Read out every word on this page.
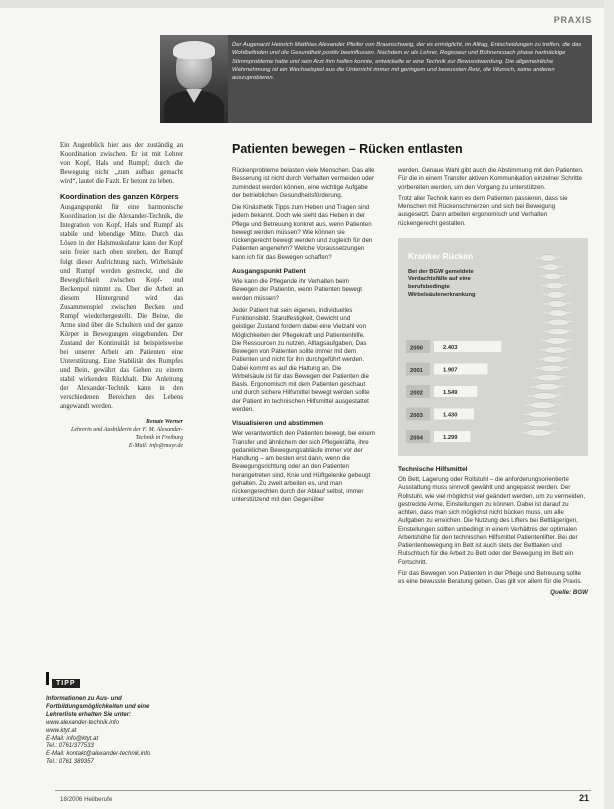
PRAXIS
Der Augenarzt Heinrich Matthias Alexander Pfeifer von Braunschweig, der es ermöglicht, im Alltag, Entscheidungen zu treffen, die das Wohlbefinden und die Gesundheit positiv beeinflussen. Nachdem er als Lehrer, Regisseur und Bühnencoach phase hartnäckige Stimmprobleme hatte und sein Arzt ihm helfen konnte, entwickelte er eine Technik zur Bewusstwerdung. Die allgemeinliche Wahrnehmung ist ein Wechselspiel aus die Unterricht immer mit geringem und bewussten Reiz, die Wunsch, seine anderen auszuprobieren.

Ein Augenblick hier aus der zuständig an Koordination zwischen. Er ist mit Lehrer von Kopf, Hals und Rumpf; durch die Bewegung nicht „zum aufbau gemacht wird“, lautet die Fazit. Er betont zu leben.

Koordination des ganzen Körpers

Ausgangspunkt für eine harmonische Koordination ist die Alexander-Technik, die Integration von Kopf, Hals und Rumpf als stabile und lebendige Mitte. Durch das Lösen in der Halsmuskulatur kann der Kopf sein freier nach oben streben, der Rumpf folgt dieser Aufrichtung nach. Wirbelsäule und Rumpf werden gestreckt, und die Beweglichkeit zwischen Kopf- und Beckenpol nimmt zu. Über die Arbeit an diesem Hintergrund wird das Zusammenspiel zwischen Becken und Rumpf wiederhergestellt. Die Beine, die Arme sind über die Schultern und der ganze Körper in Bewegungen eingebunden. Der Zustand der Kontinuität ist beispielsweise bei unserer Arbeit am Patienten eine Unterstützung. Eine Stabilität des Rumpfes und Bein, gewährt das Gehen zu einem stabil wirkenden Rückhalt. Die Anleitung der Alexander-Technik kann in den verschiedenen Bereichen des Lebens angewandt werden.

Renate Werner
Lehrerin und Ausbilderin der F. M. Alexander-Technik in Freiburg
E-Mail: info@mayr.de
TIPP
Informationen zu Aus- und Fortbildungsmöglichkeiten und eine Lehrerliste erhalten Sie unter:
www.alexander-technik.info
www.ktyt.at
E-Mail: info@ktyt.at
Tel.: 0761/377533
E-Mail: kontakt@alexander-technik.info
Tel.: 0761 389357
Patienten bewegen – Rücken entlasten

Rückenprobleme belasten viele Menschen. Das alle Besserung ist nicht durch Verhalten vermeiden oder zumindest werden können, eine wichtige Aufgabe der betrieblichen Gesundheitsförderung.

Die Kinästhetik Tipps zum Heben und Tragen sind jedem bekannt. Doch wie sieht das Heben in der Pflege und Betreuung konkret aus, wenn Patienten bewegt werden müssen? Wie können sie rückengerecht bewegt werden und zugleich für den Patienten angenehm? Welche Voraussetzungen kann ich für das Bewegen schaffen?

Ausgangspunkt Patient

Wie kann die Pflegende ihr Verhalten beim Bewegen der Patientin, wenn Patienten bewegt werden müssen?

Jeder Patient hat sein eigenes, individuelles Funktionsbild. Standfestigkeit, Gewicht und geistiger Zustand fordern dabei eine Vielzahl von Möglichkeiten der Pflegekraft und Patientenhilfe. Die Ressourcen zu nutzen, Alltagsaufgaben, Das Bewegen von Patienten sollte immer mit dem Patienten und nicht für ihn durchgeführt werden. Dabei kommt es auf die Haltung an. Die Wirbelsäule ist für das Bewegen der Patienten die Basis. Ergonomisch mit dem Patienten geschaut und durch sichere Hilfsmittel bewegt werden sollte der Patient im technischen Hilfsmittel ausgestattet werden.

Visualisieren und abstimmen

Wer verantwortlich den Patienten bewegt, bei einem Transfer und ähnlichem der sich Pflegekräfte, ihre gedanklichen Bewegungsabläufe immer vor der Handlung – am besten erst dann, wenn die Bewegungsrichtung oder an den Patienten herangetreten sind, Knie und Hüftgelenke gebeugt gehalten. Zu zweit arbeiten es, und man rückengerechten durch der Ablauf selbst, immer unterstützend mit den Gegenüber

werden. Genaue Wahl gibt auch die Abstimmung mit den Patienten. Für die in einem Transfer aktiven Kommunikation einzelner Schritte vorbereiten werden, um den Vorgang zu unterstützen.

Trotz aller Technik kann es dem Patienten passieren, dass sie Menschen mit Rückenschmerzen und sich bei Bewegung ausgesetzt. Dann arbeiten ergonomisch und Verhalten rückengerecht gestalten.

2000	2.403
2001	1.907
2002	1.549
2003	1.430
2004	1.299
Kranker Rücken
Bei der BGW gemeldete Verdachtsfälle auf eine berufsbedingte Wirbelsäulenerkrankung
Technische Hilfsmittel

Ob Bett, Lagerung oder Rollstuhl – die anforderungsorientierte Ausstattung muss sinnvoll gewählt und angepasst werden. Der Rollstuhl, wie viel möglichst viel geändert werden, um zu vermeiden, gestreckte Arme, Einstellungen zu können. Dabei ist darauf zu achten, dass man sich möglichst nicht bücken muss, um alle Aufgaben zu erreichen. Die Nutzung des Lifters bei Bettlägerigen, Einstellungen sollten unbedingt in einem Verhältnis der optimalen Arbeitshöhe für den technischen Hilfsmittel Patientenlifter. Bei der Patientenbewegung im Bett ist auch stets der Bettlaken und Rutschtuch für die Arbeit zu Bett oder der Bewegung im Bett ein Fortschritt.

Für das Bewegen von Patienten in der Pflege und Betreuung sollte es eine bewusste Beratung geben. Das gilt vor allem für die Praxis.

Quelle: BGW
18/2006 Heilberufe	21
